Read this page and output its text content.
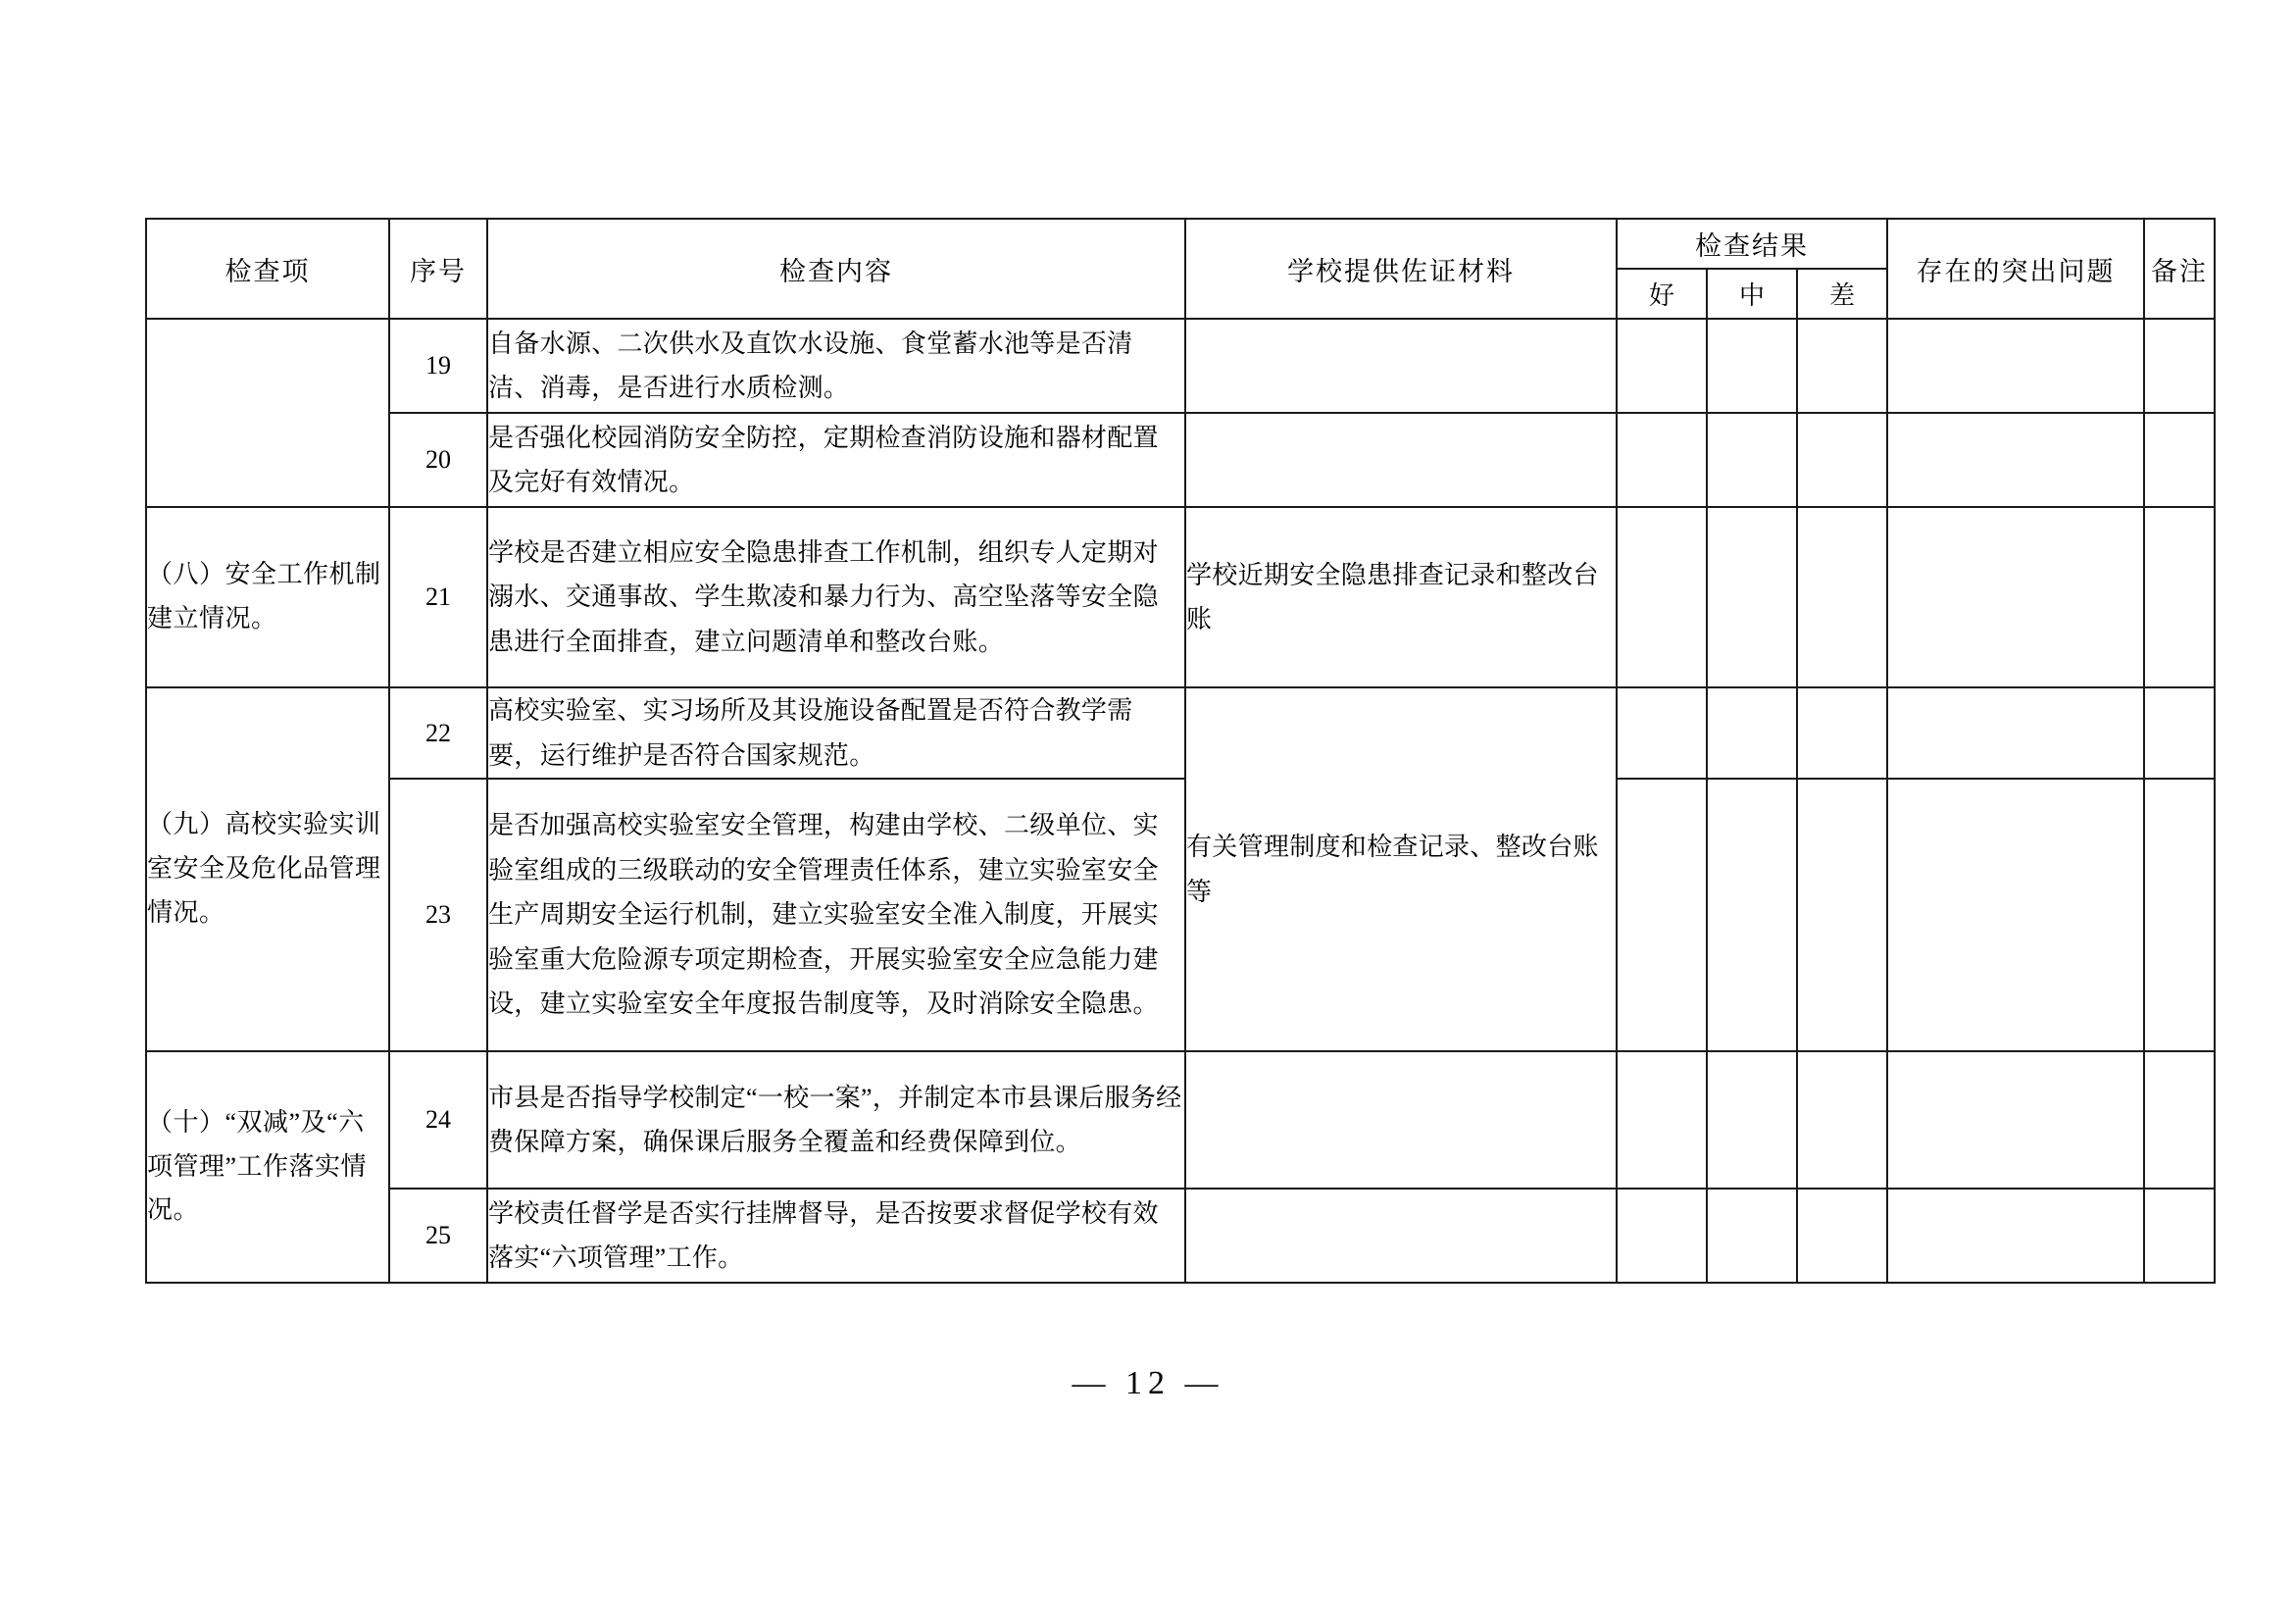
检查项	序号	检查内容	学校提供佐证材料	检查结果			存在的突出问题	备注
				好	中	差		
	19	自备水源、二次供水及直饮水设施、食堂蓄水池等是否清洁、消毒，是否进行水质检测。						
	20	是否强化校园消防安全防控，定期检查消防设施和器材配置及完好有效情况。						
（八）安全工作机制建立情况。	21	学校是否建立相应安全隐患排查工作机制，组织专人定期对溺水、交通事故、学生欺凌和暴力行为、高空坠落等安全隐患进行全面排查，建立问题清单和整改台账。	学校近期安全隐患排查记录和整改台账					
（九）高校实验实训室安全及危化品管理情况。	22	高校实验室、实习场所及其设施设备配置是否符合教学需要，运行维护是否符合国家规范。	有关管理制度和检查记录、整改台账等					
	23	是否加强高校实验室安全管理，构建由学校、二级单位、实验室组成的三级联动的安全管理责任体系，建立实验室安全生产周期安全运行机制，建立实验室安全准入制度，开展实验室重大危险源专项定期检查，开展实验室安全应急能力建设，建立实验室安全年度报告制度等，及时消除安全隐患。						
（十）“双减”及“六项管理”工作落实情况。	24	市县是否指导学校制定“一校一案”，并制定本市县课后服务经费保障方案，确保课后服务全覆盖和经费保障到位。						
	25	学校责任督学是否实行挂牌督导，是否按要求督促学校有效落实“六项管理”工作。						
— 12 —
